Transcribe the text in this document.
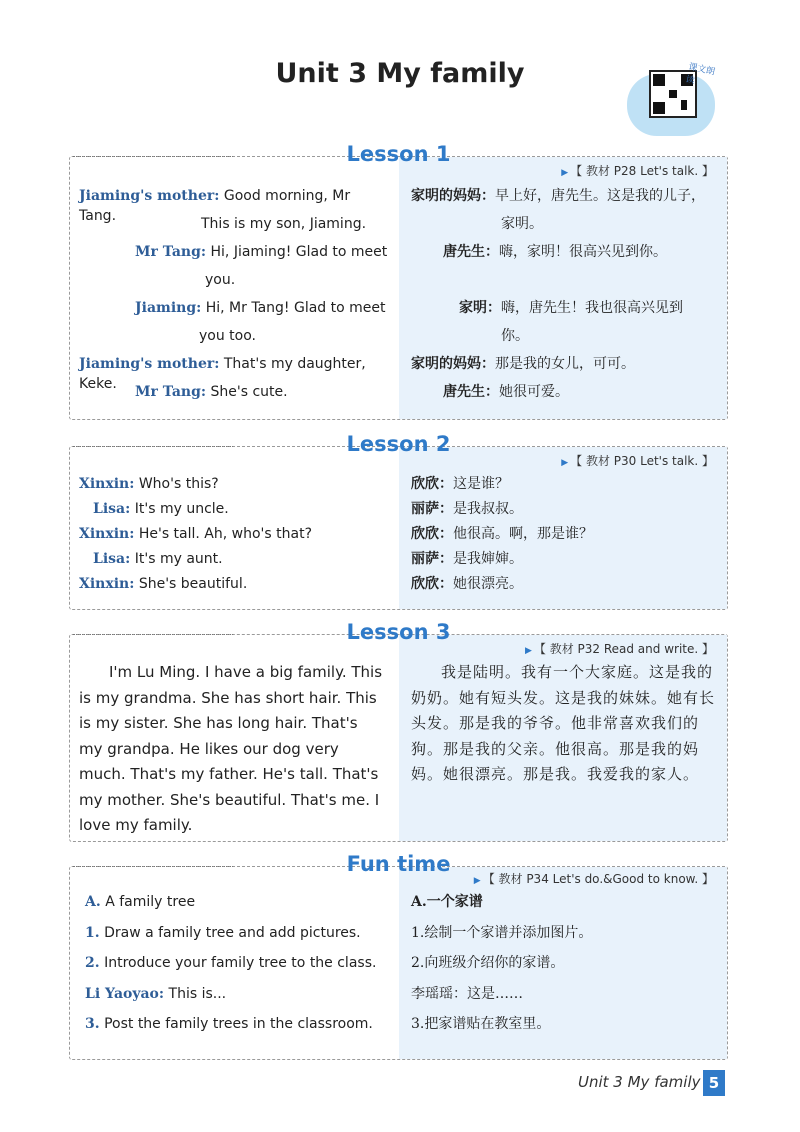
Unit 3 My family	课文朗读
Lesson 1
▶ 【 教材 P28 Let's talk. 】
Jiaming's mother: Good morning, Mr Tang.	This is my son, Jiaming.
Mr Tang: Hi, Jiaming! Glad to meet
you.
Jiaming: Hi, Mr Tang! Glad to meet
you too.
Jiaming's mother: That's my daughter, Keke.	Mr Tang: She's cute.
家明的妈妈：早上好，唐先生。这是我的儿子，
家明。
唐先生：嗨，家明！很高兴见到你。
家明：嗨，唐先生！我也很高兴见到
你。
家明的妈妈：那是我的女儿，可可。
唐先生：她很可爱。
Lesson 2
▶ 【 教材 P30 Let's talk. 】
Xinxin: Who's this?
Lisa: It's my uncle.
Xinxin: He's tall. Ah, who's that?
Lisa: It's my aunt.
Xinxin: She's beautiful.
欣欣：这是谁？
丽萨：是我叔叔。
欣欣：他很高。啊，那是谁？
丽萨：是我婶婶。
欣欣：她很漂亮。
Lesson 3
▶ 【 教材 P32 Read and write. 】
I'm Lu Ming. I have a big family. This is my grandma. She has short hair. This is my sister. She has long hair. That's my grandpa. He likes our dog very much. That's my father. He's tall. That's my mother. She's beautiful. That's me. I love my family.
我是陆明。我有一个大家庭。这是我的奶奶。她有短头发。这是我的妹妹。她有长头发。那是我的爷爷。他非常喜欢我们的狗。那是我的父亲。他很高。那是我的妈妈。她很漂亮。那是我。我爱我的家人。
Fun time
▶ 【 教材 P34 Let's do.&Good to know. 】
A. A family tree
1. Draw a family tree and add pictures.
2. Introduce your family tree to the class.
Li Yaoyao: This is...
3. Post the family trees in the classroom.
A.一个家谱
1.绘制一个家谱并添加图片。
2.向班级介绍你的家谱。
李瑶瑶：这是……
3.把家谱贴在教室里。
Unit 3 My family 5
